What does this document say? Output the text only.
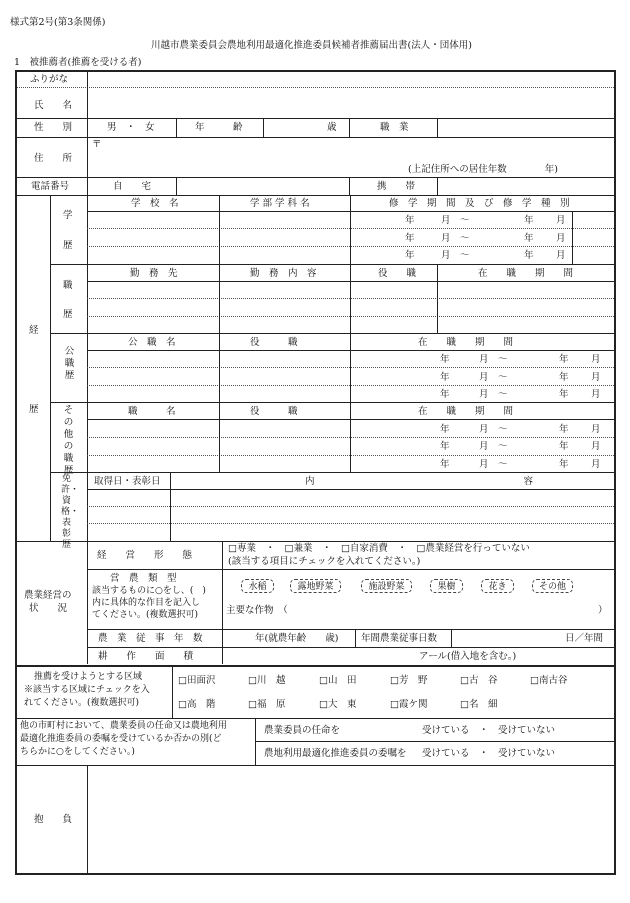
様式第2号(第3条関係)
川越市農業委員会農地利用最適化推進委員候補者推薦届出書(法人・団体用)
1　被推薦者(推薦を受ける者)
ふりがな
氏　　名
性　　別	男　・　女	年　　　齢	歳	職　業
住　　所
〒
(上記住所への居住年数　　　　年)
電話番号	自　　宅	携　　帯
経
歴
学
歴
学　校　名	学 部 学 科 名	修　学　期　間　及　び　修　学　種　別
年	月　〜	年 月
年	月　〜	年 月
年	月　〜	年 月
職
歴
勤　務　先	勤　務　内　容	役　　職	在　　職　　期　　間
公職歴
公　職　名	役　　　職	在　　職　　期　　間
年	月　〜	年 月
年	月　〜	年 月
年	月　〜	年 月
その他の職歴
職　　　名	役　　　職	在　　職　　期　　間
年	月　〜	年 月
年	月　〜	年 月
年	月　〜	年 月
免許・資格・表彰歴
取得日・表彰日	内　　　　　　　　　　　　　　　　　　　　　　容
農業経営の
状　　況
経　　営　　形　　態
□専業　・　□兼業　・　□自家消費　・　□農業経営を行っていない
(該当する項目にチェックを入れてください。)
営　農　類　型
該当するものに○をし、(　)
内に具体的な作目を記入し
てください。(複数選択可)
水稲	露地野菜	施設野菜	果樹	花き	その他
主要な作物　（	）
農　業　従　事　年　数	年(就農年齢　　歳) 年間農業従事日数	日／年間
耕　　作　　面　　積	アール(借入地を含む。)
推薦を受けようとする区域
※該当する区域にチェックを入
れてください。(複数選択可)
□田面沢	□川　越	□山　田	□芳　野	□古　谷	□南古谷
□高　階	□福　原	□大　東	□霞ケ関	□名　細
他の市町村において、農業委員の任命又は農地利用
最適化推進委員の委嘱を受けているか否かの別(ど
ちらかに○をしてください。)
農業委員の任命を	受けている　・　受けていない
農地利用最適化推進委員の委嘱を 受けている　・　受けていない
抱　　負
